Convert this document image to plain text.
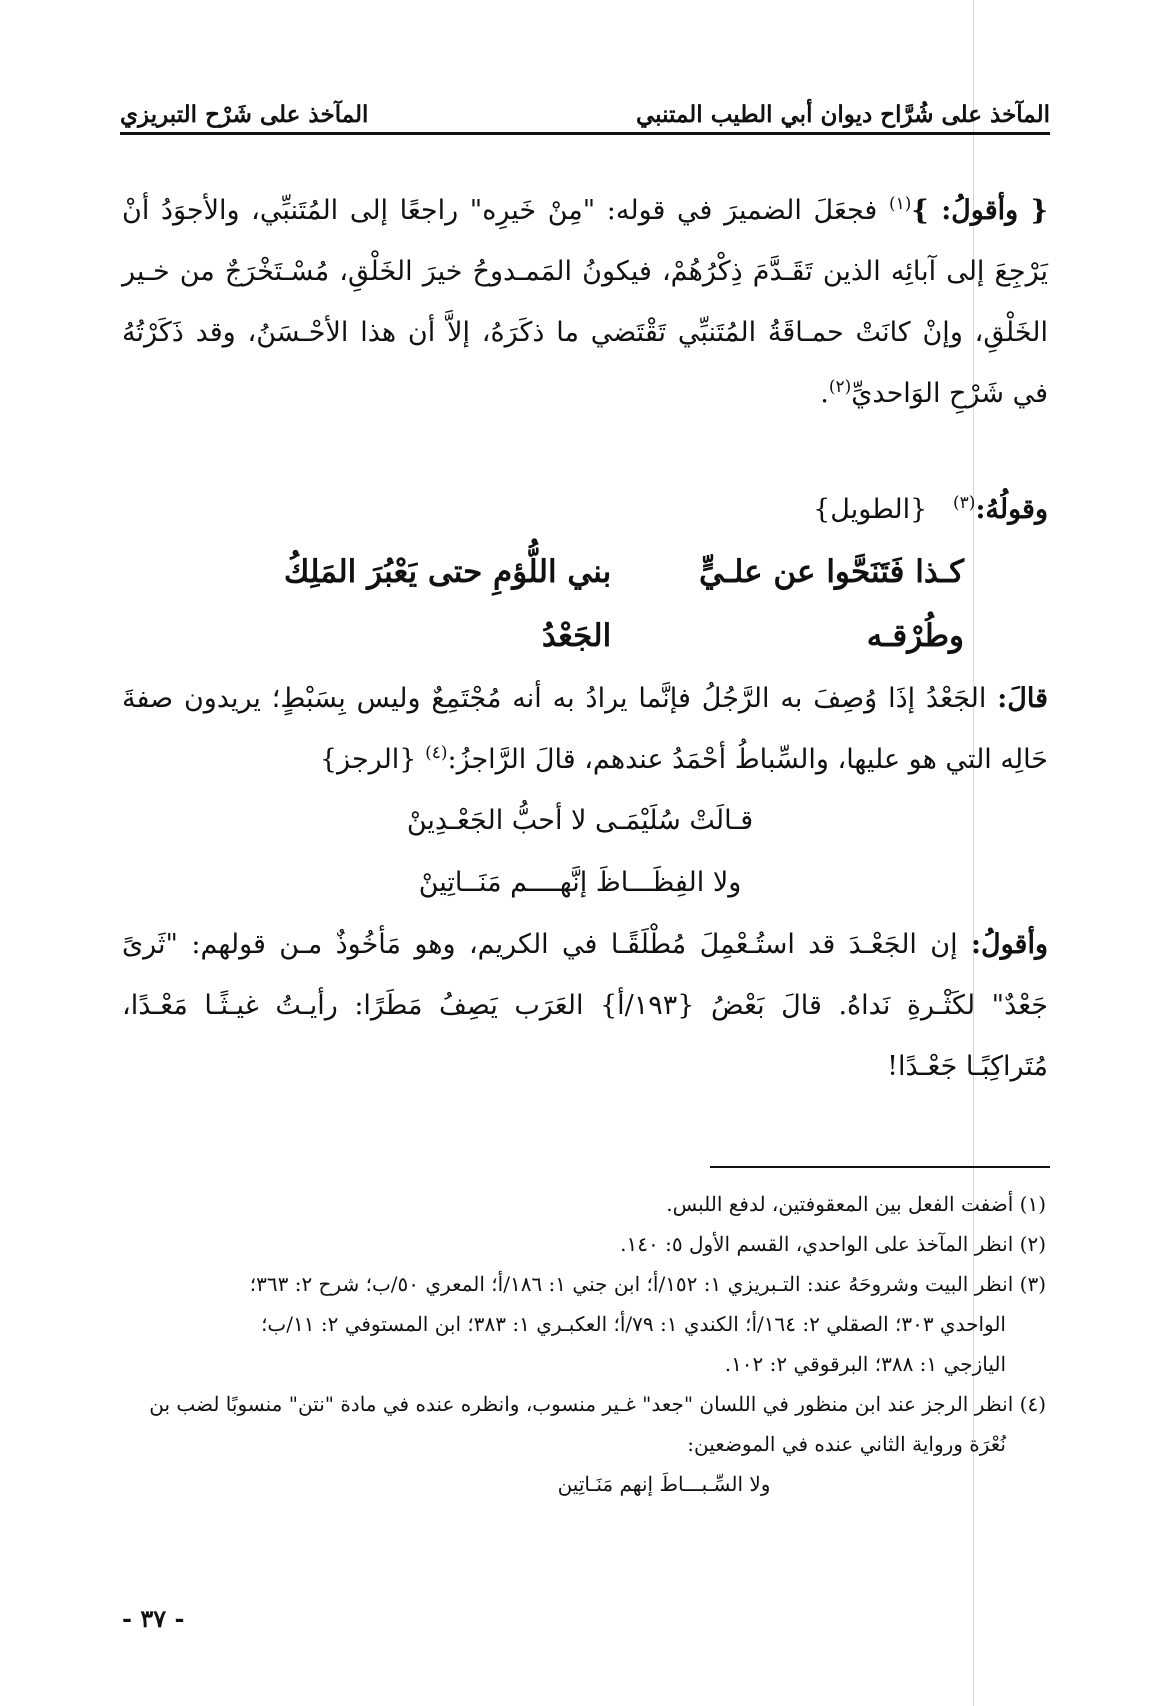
المآخذ على شُرَّاح ديوان أبي الطيب المتنبي
المآخذ على شَرْح التبريزي

{ وأقولُ: }$^{(١)}$ فجعَلَ الضميرَ في قوله: "مِنْ خَيرِه" راجعًا إلى المُتَنبِّي، والأجوَدُ أنْ يَرْجِعَ إلى آبائِه الذين تَقَـدَّمَ ذِكْرُهُمْ، فيكونُ المَمـدوحُ خيرَ الخَلْقِ، مُسْـتَخْرَجٌ من خـير الخَلْقِ، وإنْ كانَتْ حمـاقَةُ المُتَنبِّي تَقْتَضي ما ذكَرَهُ، إلاَّ أن هذا الأحْـسَنُ، وقد ذَكَرْتُهُ في شَرْحِ الوَاحديِّ$^{(٢)}$.

وقولُهُ:$^{(٣)}$   {الطويل}
كـذا فَتَنَحَّوا عن علـيٍّ وطُرْقـه
بني اللُّؤمِ حتى يَعْبُرَ المَلِكُ الجَعْدُ

قالَ: الجَعْدُ إذَا وُصِفَ به الرَّجُلُ فإنَّما يرادُ به أنه مُجْتَمِعٌ وليس بِسَبْطٍ؛ يريدون صفةَ حَالِه التي هو عليها، والسِّباطُ أحْمَدُ عندهم، قالَ الرَّاجزُ:$^{(٤)}$ {الرجز}

قـالَتْ سُلَيْمَـى لا أحبُّ الجَعْـدِينْ
ولا الفِظَـــاظَ إنَّهــــم مَنَــاتِينْ

وأقولُ: إن الجَعْـدَ قد استُـعْمِلَ مُطْلَقًـا في الكريم، وهو مَأخُوذٌ مـن قولهم: "ثَرىً جَعْدٌ" لكَثْـرةِ نَداهُ. قالَ بَعْضُ {١٩٣/أ} العَرَب يَصِفُ مَطَرًا: رأيـتُ غيـثًـا مَعْـدًا، مُتَراكِبًـا جَعْـدًا!

(١) أضفت الفعل بين المعقوفتين، لدفع اللبس.

(٢) انظر المآخذ على الواحدي، القسم الأول ٥: ١٤٠.

(٣) انظر البيت وشروحَهُ عند: التـبريزي ١: ١٥٢/أ؛ ابن جني ١: ١٨٦/أ؛ المعري ٥٠/ب؛ شرح ٢: ٣٦٣؛

الواحدي ٣٠٣؛ الصقلي ٢: ١٦٤/أ؛ الكندي ١: ٧٩/أ؛ العكبـري ١: ٣٨٣؛ ابن المستوفي ٢: ١١/ب؛

اليازجي ١: ٣٨٨؛ البرقوقي ٢: ١٠٢.

(٤) انظر الرجز عند ابن منظور في اللسان "جعد" غـير منسوب، وانظره عنده في مادة "نتن" منسوبًا لضب بن

نُعْرَة ورواية الثاني عنده في الموضعين:

ولا السِّـبـــاطَ إنهم مَنَـاتِين

- ٣٧ -
